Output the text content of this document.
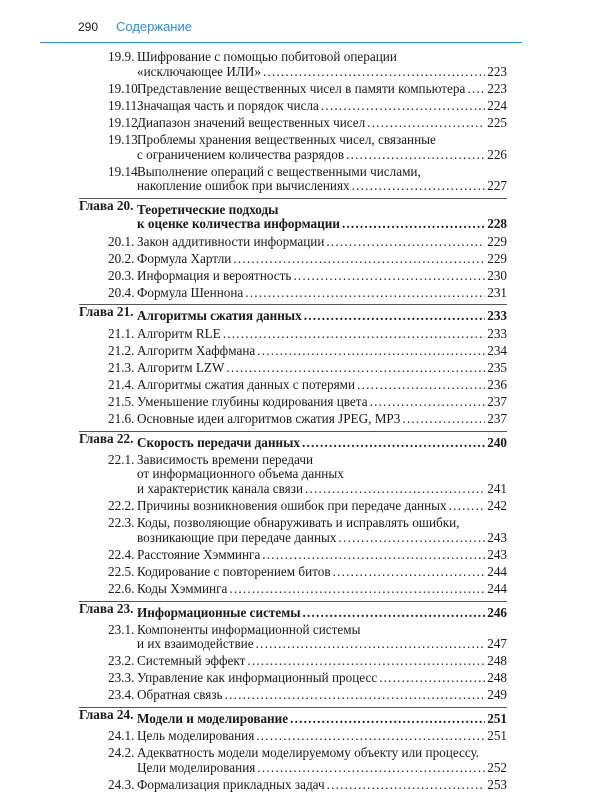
290 Содержание
19.9. Шифрование с помощью побитовой операции
«исключающее ИЛИ» .....	223
19.10.
Представление вещественных чисел в памяти компьютера ..... 223
19.11.
Значащая часть и порядок числа .....	224
19.12.
Диапазон значений вещественных чисел .....	225
19.13.
Проблемы хранения вещественных чисел, связанные
с ограничением количества разрядов .....	226
19.14.
Выполнение операций с вещественными числами,
накопление ошибок при вычислениях .....	227
Глава 20. Теоретические подходы
к оценке количества информации .....	228
20.1. Закон аддитивности информации .....	229
20.2. Формула Хартли .....	229
20.3. Информация и вероятность .....	230
20.4. Формула Шеннона .....	231
Глава 21. Алгоритмы сжатия данных .....	233
21.1. Алгоритм RLE .....	233
21.2. Алгоритм Хаффмана .....	234
21.3. Алгоритм LZW .....	235
21.4. Алгоритмы сжатия данных с потерями .....	236
21.5. Уменьшение глубины кодирования цвета .....	237
21.6. Основные идеи алгоритмов сжатия JPEG, MP3 .....	237
Глава 22. Скорость передачи данных .....	240
22.1. Зависимость времени передачи
от информационного объема данных
и характеристик канала связи .....	241
22.2. Причины возникновения ошибок при передаче данных .....	242
22.3. Коды, позволяющие обнаруживать и исправлять ошибки,
возникающие при передаче данных .....	243
22.4. Расстояние Хэмминга .....	243
22.5. Кодирование с повторением битов .....	244
22.6. Коды Хэмминга .....	244
Глава 23. Информационные системы .....	246
23.1. Компоненты информационной системы
и их взаимодействие .....	247
23.2. Системный эффект .....	248
23.3. Управление как информационный процесс .....	248
23.4. Обратная связь .....	249
Глава 24. Модели и моделирование .....	251
24.1. Цель моделирования .....	251
24.2. Адекватность модели моделируемому объекту или процессу.
Цели моделирования .....	252
24.3. Формализация прикладных задач .....	253
